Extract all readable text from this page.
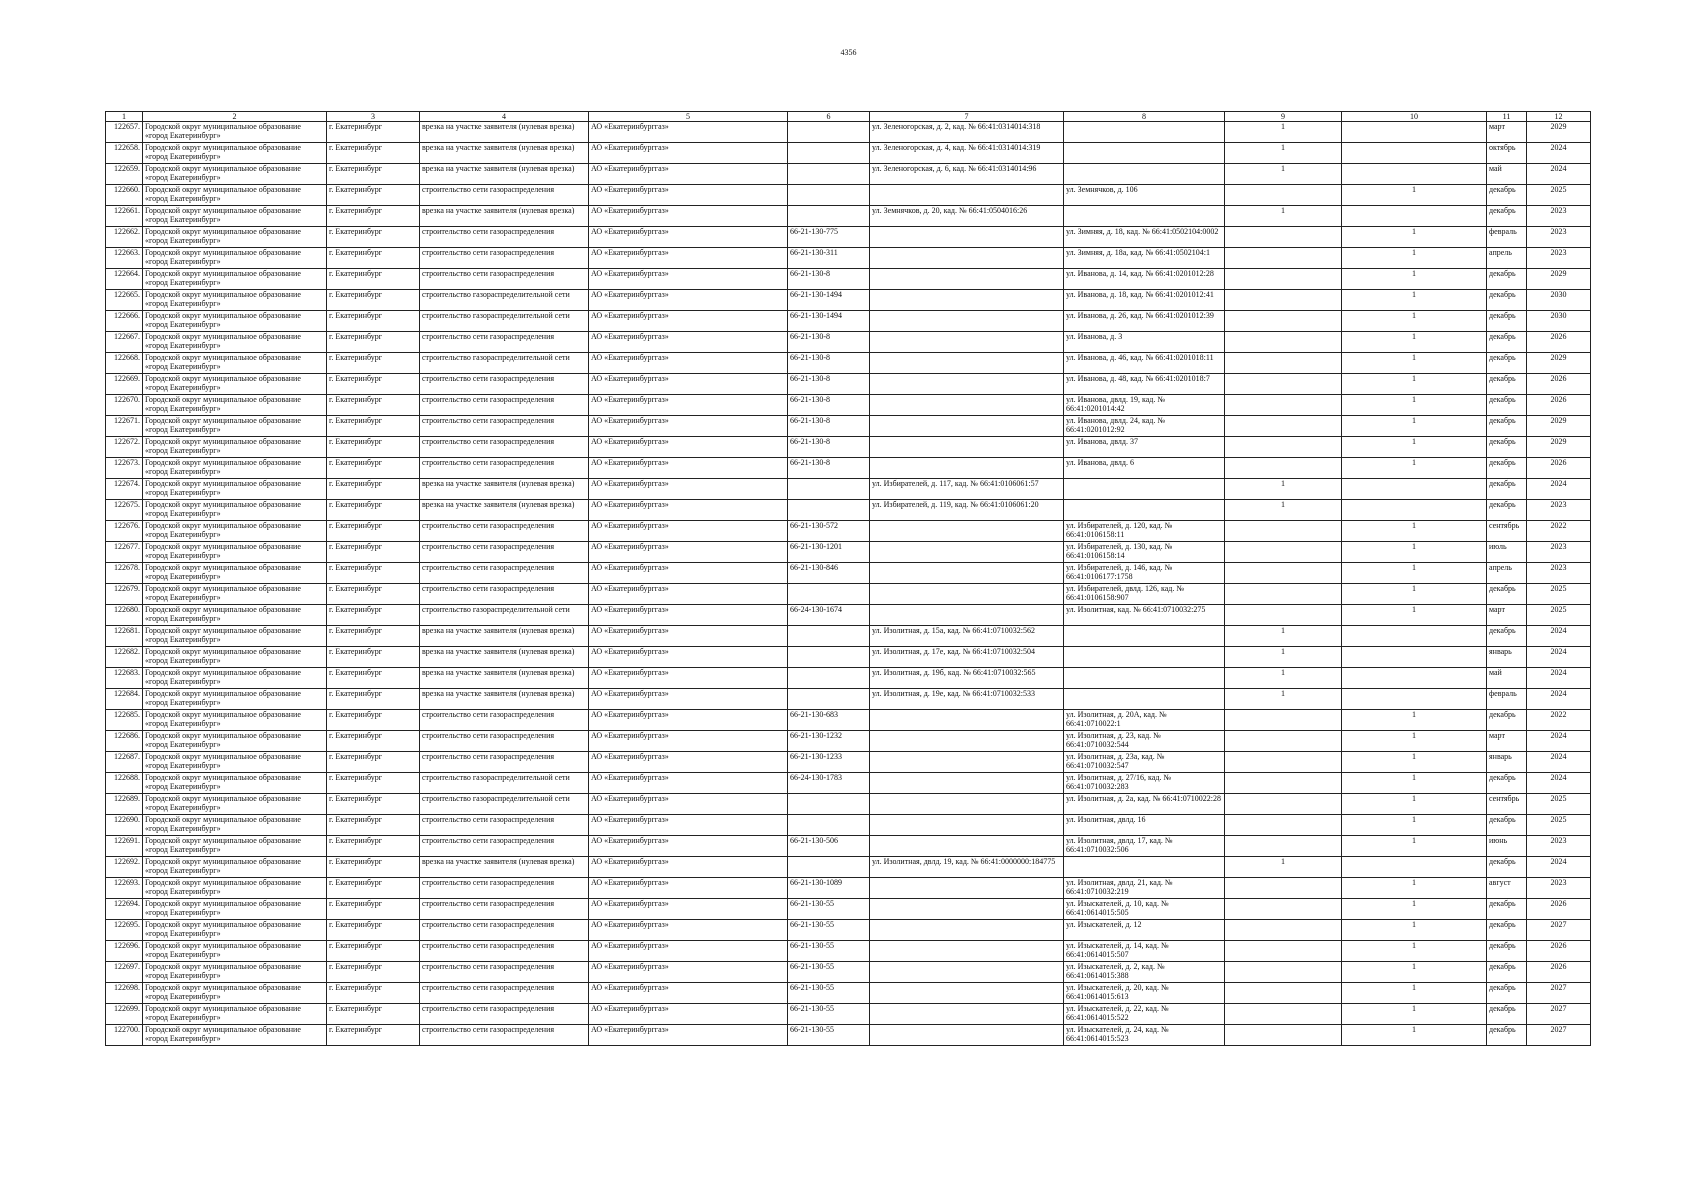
4356
1	2	3	4	5	6	7	8	9	10	11	12
122657.	Городской округ муниципальное образование «город Екатеринбург»	г. Екатеринбург	врезка на участке заявителя (нулевая врезка)	АО «Екатеринбурггаз»		ул. Зеленогорская, д. 2, кад. № 66:41:0314014:318		1		март	2029
122658.	Городской округ муниципальное образование «город Екатеринбург»	г. Екатеринбург	врезка на участке заявителя (нулевая врезка)	АО «Екатеринбурггаз»		ул. Зеленогорская, д. 4, кад. № 66:41:0314014:319		1		октябрь	2024
122659.	Городской округ муниципальное образование «город Екатеринбург»	г. Екатеринбург	врезка на участке заявителя (нулевая врезка)	АО «Екатеринбурггаз»		ул. Зеленогорская, д. 6, кад. № 66:41:0314014:96		1		май	2024
122660.	Городской округ муниципальное образование «город Екатеринбург»	г. Екатеринбург	строительство сети газораспределения	АО «Екатеринбурггаз»			ул. Земнячков, д. 106		1	декабрь	2025
122661.	Городской округ муниципальное образование «город Екатеринбург»	г. Екатеринбург	врезка на участке заявителя (нулевая врезка)	АО «Екатеринбурггаз»		ул. Земнячков, д. 20, кад. № 66:41:0504016:26		1		декабрь	2023
122662.	Городской округ муниципальное образование «город Екатеринбург»	г. Екатеринбург	строительство сети газораспределения	АО «Екатеринбурггаз»	66-21-130-775		ул. Зимняя, д. 18, кад. № 66:41:0502104:0002		1	февраль	2023
122663.	Городской округ муниципальное образование «город Екатеринбург»	г. Екатеринбург	строительство сети газораспределения	АО «Екатеринбурггаз»	66-21-130-311		ул. Зимняя, д. 18а, кад. № 66:41:0502104:1		1	апрель	2023
122664.	Городской округ муниципальное образование «город Екатеринбург»	г. Екатеринбург	строительство сети газораспределения	АО «Екатеринбурггаз»	66-21-130-8		ул. Иванова, д. 14, кад. № 66:41:0201012:28		1	декабрь	2029
122665.	Городской округ муниципальное образование «город Екатеринбург»	г. Екатеринбург	строительство газораспределительной сети	АО «Екатеринбурггаз»	66-21-130-1494		ул. Иванова, д. 18, кад. № 66:41:0201012:41		1	декабрь	2030
122666.	Городской округ муниципальное образование «город Екатеринбург»	г. Екатеринбург	строительство газораспределительной сети	АО «Екатеринбурггаз»	66-21-130-1494		ул. Иванова, д. 26, кад. № 66:41:0201012:39		1	декабрь	2030
122667.	Городской округ муниципальное образование «город Екатеринбург»	г. Екатеринбург	строительство сети газораспределения	АО «Екатеринбурггаз»	66-21-130-8		ул. Иванова, д. 3		1	декабрь	2026
122668.	Городской округ муниципальное образование «город Екатеринбург»	г. Екатеринбург	строительство газораспределительной сети	АО «Екатеринбурггаз»	66-21-130-8		ул. Иванова, д. 46, кад. № 66:41:0201018:11		1	декабрь	2029
122669.	Городской округ муниципальное образование «город Екатеринбург»	г. Екатеринбург	строительство сети газораспределения	АО «Екатеринбурггаз»	66-21-130-8		ул. Иванова, д. 48, кад. № 66:41:0201018:7		1	декабрь	2026
122670.	Городской округ муниципальное образование «город Екатеринбург»	г. Екатеринбург	строительство сети газораспределения	АО «Екатеринбурггаз»	66-21-130-8		ул. Иванова, двлд. 19, кад. № 66:41:0201014:42		1	декабрь	2026
122671.	Городской округ муниципальное образование «город Екатеринбург»	г. Екатеринбург	строительство сети газораспределения	АО «Екатеринбурггаз»	66-21-130-8		ул. Иванова, двлд. 24, кад. № 66:41:0201012:92		1	декабрь	2029
122672.	Городской округ муниципальное образование «город Екатеринбург»	г. Екатеринбург	строительство сети газораспределения	АО «Екатеринбурггаз»	66-21-130-8		ул. Иванова, двлд. 37		1	декабрь	2029
122673.	Городской округ муниципальное образование «город Екатеринбург»	г. Екатеринбург	строительство сети газораспределения	АО «Екатеринбурггаз»	66-21-130-8		ул. Иванова, двлд. 6		1	декабрь	2026
122674.	Городской округ муниципальное образование «город Екатеринбург»	г. Екатеринбург	врезка на участке заявителя (нулевая врезка)	АО «Екатеринбурггаз»		ул. Избирателей, д. 117, кад. № 66:41:0106061:57		1		декабрь	2024
122675.	Городской округ муниципальное образование «город Екатеринбург»	г. Екатеринбург	врезка на участке заявителя (нулевая врезка)	АО «Екатеринбурггаз»		ул. Избирателей, д. 119, кад. № 66:41:0106061:20		1		декабрь	2023
122676.	Городской округ муниципальное образование «город Екатеринбург»	г. Екатеринбург	строительство сети газораспределения	АО «Екатеринбурггаз»	66-21-130-572		ул. Избирателей, д. 120, кад. № 66:41:0106158:11		1	сентябрь	2022
122677.	Городской округ муниципальное образование «город Екатеринбург»	г. Екатеринбург	строительство сети газораспределения	АО «Екатеринбурггаз»	66-21-130-1201		ул. Избирателей, д. 130, кад. № 66:41:0106158:14		1	июль	2023
122678.	Городской округ муниципальное образование «город Екатеринбург»	г. Екатеринбург	строительство сети газораспределения	АО «Екатеринбурггаз»	66-21-130-846		ул. Избирателей, д. 146, кад. № 66:41:0106177:1758		1	апрель	2023
122679.	Городской округ муниципальное образование «город Екатеринбург»	г. Екатеринбург	строительство сети газораспределения	АО «Екатеринбурггаз»			ул. Избирателей, двлд. 126, кад. № 66:41:0106158:907		1	декабрь	2025
122680.	Городской округ муниципальное образование «город Екатеринбург»	г. Екатеринбург	строительство газораспределительной сети	АО «Екатеринбурггаз»	66-24-130-1674		ул. Изолитная, кад. № 66:41:0710032:275		1	март	2025
122681.	Городской округ муниципальное образование «город Екатеринбург»	г. Екатеринбург	врезка на участке заявителя (нулевая врезка)	АО «Екатеринбурггаз»		ул. Изолитная, д. 15а, кад. № 66:41:0710032:562		1		декабрь	2024
122682.	Городской округ муниципальное образование «город Екатеринбург»	г. Екатеринбург	врезка на участке заявителя (нулевая врезка)	АО «Екатеринбурггаз»		ул. Изолитная, д. 17е, кад. № 66:41:0710032:504		1		январь	2024
122683.	Городской округ муниципальное образование «город Екатеринбург»	г. Екатеринбург	врезка на участке заявителя (нулевая врезка)	АО «Екатеринбурггаз»		ул. Изолитная, д. 19б, кад. № 66:41:0710032:565		1		май	2024
122684.	Городской округ муниципальное образование «город Екатеринбург»	г. Екатеринбург	врезка на участке заявителя (нулевая врезка)	АО «Екатеринбурггаз»		ул. Изолитная, д. 19е, кад. № 66:41:0710032:533		1		февраль	2024
122685.	Городской округ муниципальное образование «город Екатеринбург»	г. Екатеринбург	строительство сети газораспределения	АО «Екатеринбурггаз»	66-21-130-683		ул. Изолитная, д. 20А, кад. № 66:41:0710022:1		1	декабрь	2022
122686.	Городской округ муниципальное образование «город Екатеринбург»	г. Екатеринбург	строительство сети газораспределения	АО «Екатеринбурггаз»	66-21-130-1232		ул. Изолитная, д. 23, кад. № 66:41:0710032:544		1	март	2024
122687.	Городской округ муниципальное образование «город Екатеринбург»	г. Екатеринбург	строительство сети газораспределения	АО «Екатеринбурггаз»	66-21-130-1233		ул. Изолитная, д. 23а, кад. № 66:41:0710032:547		1	январь	2024
122688.	Городской округ муниципальное образование «город Екатеринбург»	г. Екатеринбург	строительство газораспределительной сети	АО «Екатеринбурггаз»	66-24-130-1783		ул. Изолитная, д. 27/16, кад. № 66:41:0710032:283		1	декабрь	2024
122689.	Городской округ муниципальное образование «город Екатеринбург»	г. Екатеринбург	строительство газораспределительной сети	АО «Екатеринбурггаз»			ул. Изолитная, д. 2а, кад. № 66:41:0710022:28		1	сентябрь	2025
122690.	Городской округ муниципальное образование «город Екатеринбург»	г. Екатеринбург	строительство сети газораспределения	АО «Екатеринбурггаз»			ул. Изолитная, двлд. 16		1	декабрь	2025
122691.	Городской округ муниципальное образование «город Екатеринбург»	г. Екатеринбург	строительство сети газораспределения	АО «Екатеринбурггаз»	66-21-130-506		ул. Изолитная, двлд. 17, кад. № 66:41:0710032:506		1	июнь	2023
122692.	Городской округ муниципальное образование «город Екатеринбург»	г. Екатеринбург	врезка на участке заявителя (нулевая врезка)	АО «Екатеринбурггаз»		ул. Изолитная, двлд. 19, кад. № 66:41:0000000:184775		1		декабрь	2024
122693.	Городской округ муниципальное образование «город Екатеринбург»	г. Екатеринбург	строительство сети газораспределения	АО «Екатеринбурггаз»	66-21-130-1089		ул. Изолитная, двлд. 21, кад. № 66:41:0710032:219		1	август	2023
122694.	Городской округ муниципальное образование «город Екатеринбург»	г. Екатеринбург	строительство сети газораспределения	АО «Екатеринбурггаз»	66-21-130-55		ул. Изыскателей, д. 10, кад. № 66:41:0614015:505		1	декабрь	2026
122695.	Городской округ муниципальное образование «город Екатеринбург»	г. Екатеринбург	строительство сети газораспределения	АО «Екатеринбурггаз»	66-21-130-55		ул. Изыскателей, д. 12		1	декабрь	2027
122696.	Городской округ муниципальное образование «город Екатеринбург»	г. Екатеринбург	строительство сети газораспределения	АО «Екатеринбурггаз»	66-21-130-55		ул. Изыскателей, д. 14, кад. № 66:41:0614015:507		1	декабрь	2026
122697.	Городской округ муниципальное образование «город Екатеринбург»	г. Екатеринбург	строительство сети газораспределения	АО «Екатеринбурггаз»	66-21-130-55		ул. Изыскателей, д. 2, кад. № 66:41:0614015:388		1	декабрь	2026
122698.	Городской округ муниципальное образование «город Екатеринбург»	г. Екатеринбург	строительство сети газораспределения	АО «Екатеринбурггаз»	66-21-130-55		ул. Изыскателей, д. 20, кад. № 66:41:0614015:613		1	декабрь	2027
122699.	Городской округ муниципальное образование «город Екатеринбург»	г. Екатеринбург	строительство сети газораспределения	АО «Екатеринбурггаз»	66-21-130-55		ул. Изыскателей, д. 22, кад. № 66:41:0614015:522		1	декабрь	2027
122700.	Городской округ муниципальное образование «город Екатеринбург»	г. Екатеринбург	строительство сети газораспределения	АО «Екатеринбурггаз»	66-21-130-55		ул. Изыскателей, д. 24, кад. № 66:41:0614015:523		1	декабрь	2027
